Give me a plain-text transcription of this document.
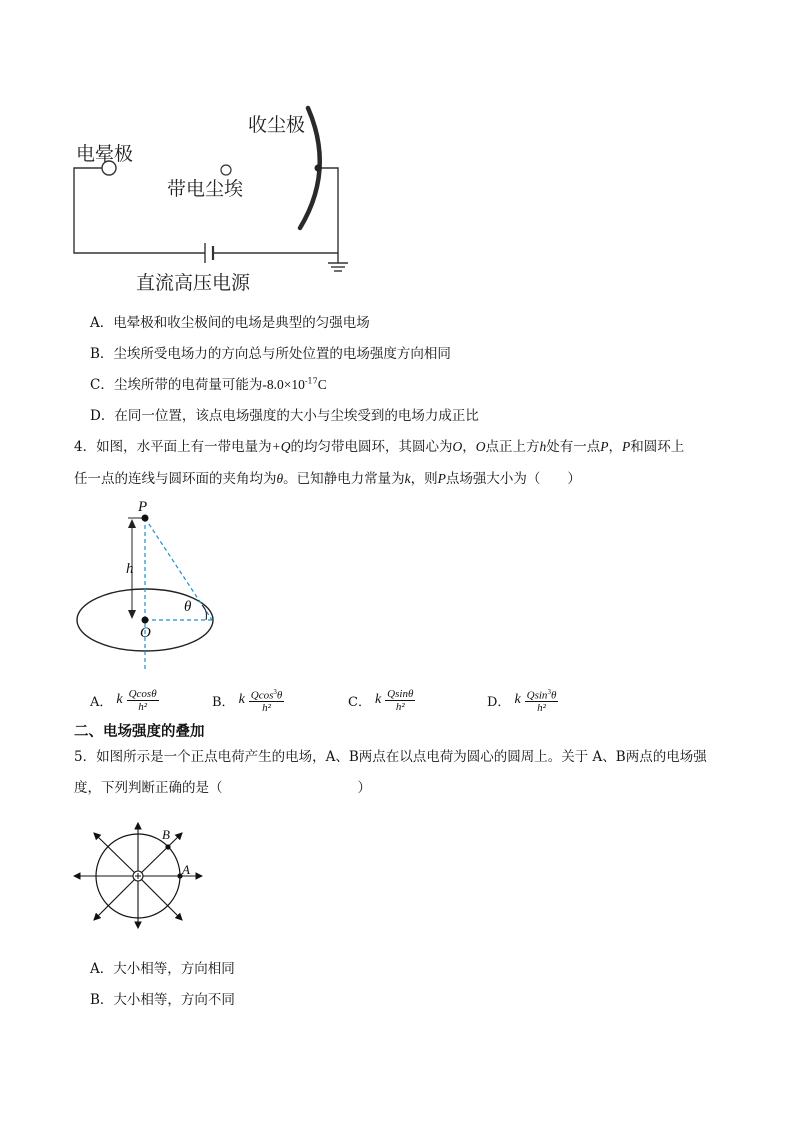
收尘极
电晕极
带电尘埃
直流高压电源
A．电晕极和收尘极间的电场是典型的匀强电场
B．尘埃所受电场力的方向总与所处位置的电场强度方向相同
C．尘埃所带的电荷量可能为$-8.0\times 10^{-17}C$
D．在同一位置，该点电场强度的大小与尘埃受到的电场力成正比
4．如图，水平面上有一带电量为+Q的均匀带电圆环，其圆心为O，O点正上方h处有一点P，P和圆环上
任一点的连线与圆环面的夹角均为θ。已知静电力常量为k，则P点场强大小为（　　）
P
h
O
θ
A． k $\frac{Qcos\theta}{\text{h²}}$	B． k $\frac{Qcos^3\theta}{\text{h²}}$	C． k $\frac{Qsin\theta}{\text{h²}}$	D． k $\frac{Qsin^3\theta}{\text{h²}}$
二、电场强度的叠加
5．如图所示是一个正点电荷产生的电场，A、B两点在以点电荷为圆心的圆周上。关于 A、B两点的电场强
度，下列判断正确的是（　　　　　　　　　　）
A
B
A．大小相等，方向相同
B．大小相等，方向不同
